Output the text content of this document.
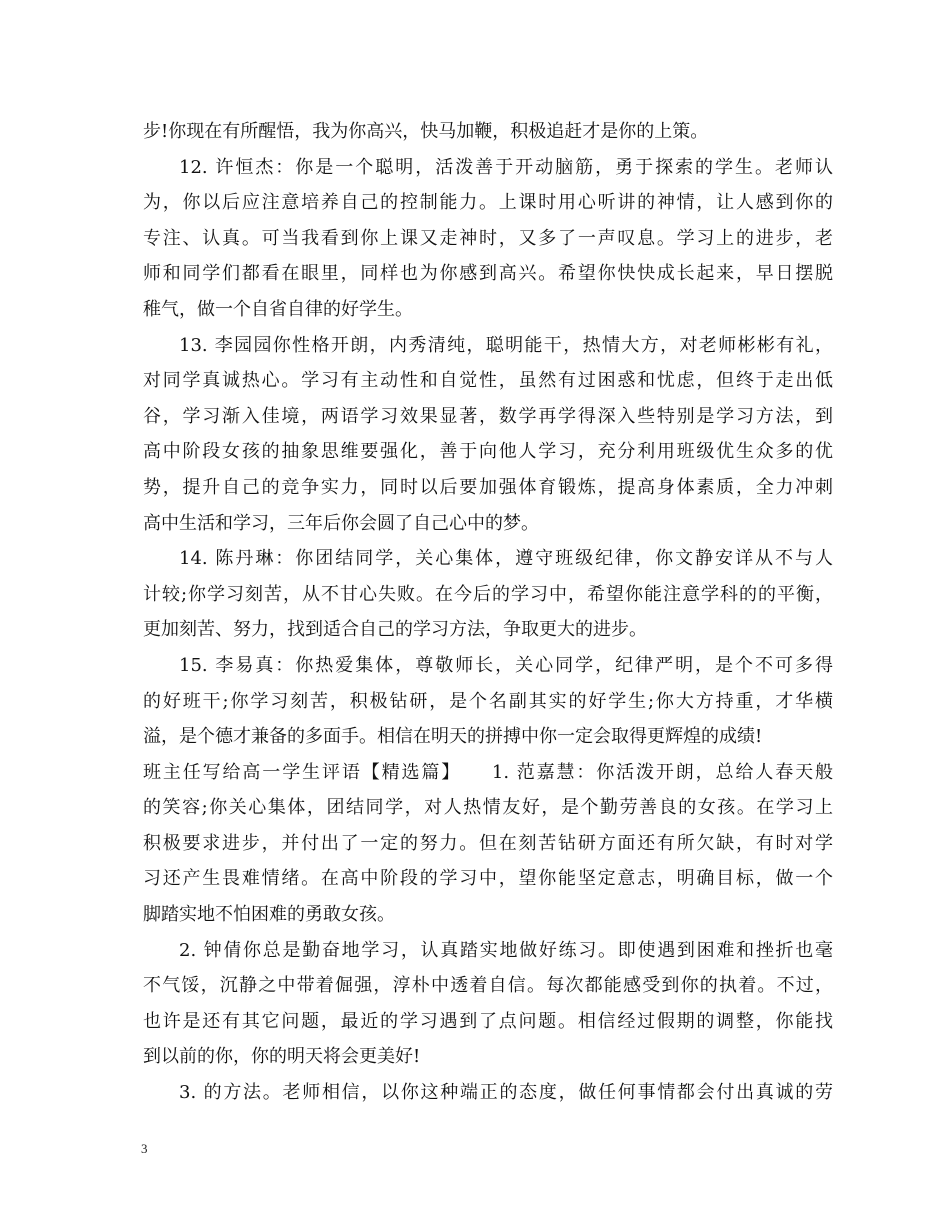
步!你现在有所醒悟，我为你高兴，快马加鞭，积极追赶才是你的上策。
12. 许恒杰：你是一个聪明，活泼善于开动脑筋，勇于探索的学生。老师认
为，你以后应注意培养自己的控制能力。上课时用心听讲的神情，让人感到你的
专注、认真。可当我看到你上课又走神时，又多了一声叹息。学习上的进步，老
师和同学们都看在眼里，同样也为你感到高兴。希望你快快成长起来，早日摆脱
稚气，做一个自省自律的好学生。
13. 李园园你性格开朗，内秀清纯，聪明能干，热情大方，对老师彬彬有礼，
对同学真诚热心。学习有主动性和自觉性，虽然有过困惑和忧虑，但终于走出低
谷，学习渐入佳境，两语学习效果显著，数学再学得深入些特别是学习方法，到
高中阶段女孩的抽象思维要强化，善于向他人学习，充分利用班级优生众多的优
势，提升自己的竞争实力，同时以后要加强体育锻炼，提高身体素质，全力冲刺
高中生活和学习，三年后你会圆了自己心中的梦。
14. 陈丹琳：你团结同学，关心集体，遵守班级纪律，你文静安详从不与人
计较;你学习刻苦，从不甘心失败。在今后的学习中，希望你能注意学科的的平衡，
更加刻苦、努力，找到适合自己的学习方法，争取更大的进步。
15. 李易真：你热爱集体，尊敬师长，关心同学，纪律严明，是个不可多得
的好班干;你学习刻苦，积极钻研，是个名副其实的好学生;你大方持重，才华横
溢，是个德才兼备的多面手。相信在明天的拼搏中你一定会取得更辉煌的成绩!
班主任写给高一学生评语【精选篇】　　1. 范嘉慧：你活泼开朗，总给人春天般
的笑容;你关心集体，团结同学，对人热情友好，是个勤劳善良的女孩。在学习上
积极要求进步，并付出了一定的努力。但在刻苦钻研方面还有所欠缺，有时对学
习还产生畏难情绪。在高中阶段的学习中，望你能坚定意志，明确目标，做一个
脚踏实地不怕困难的勇敢女孩。
2. 钟倩你总是勤奋地学习，认真踏实地做好练习。即使遇到困难和挫折也毫
不气馁，沉静之中带着倔强，淳朴中透着自信。每次都能感受到你的执着。不过，
也许是还有其它问题，最近的学习遇到了点问题。相信经过假期的调整，你能找
到以前的你，你的明天将会更美好!
3. 的方法。老师相信，以你这种端正的态度，做任何事情都会付出真诚的劳
3
